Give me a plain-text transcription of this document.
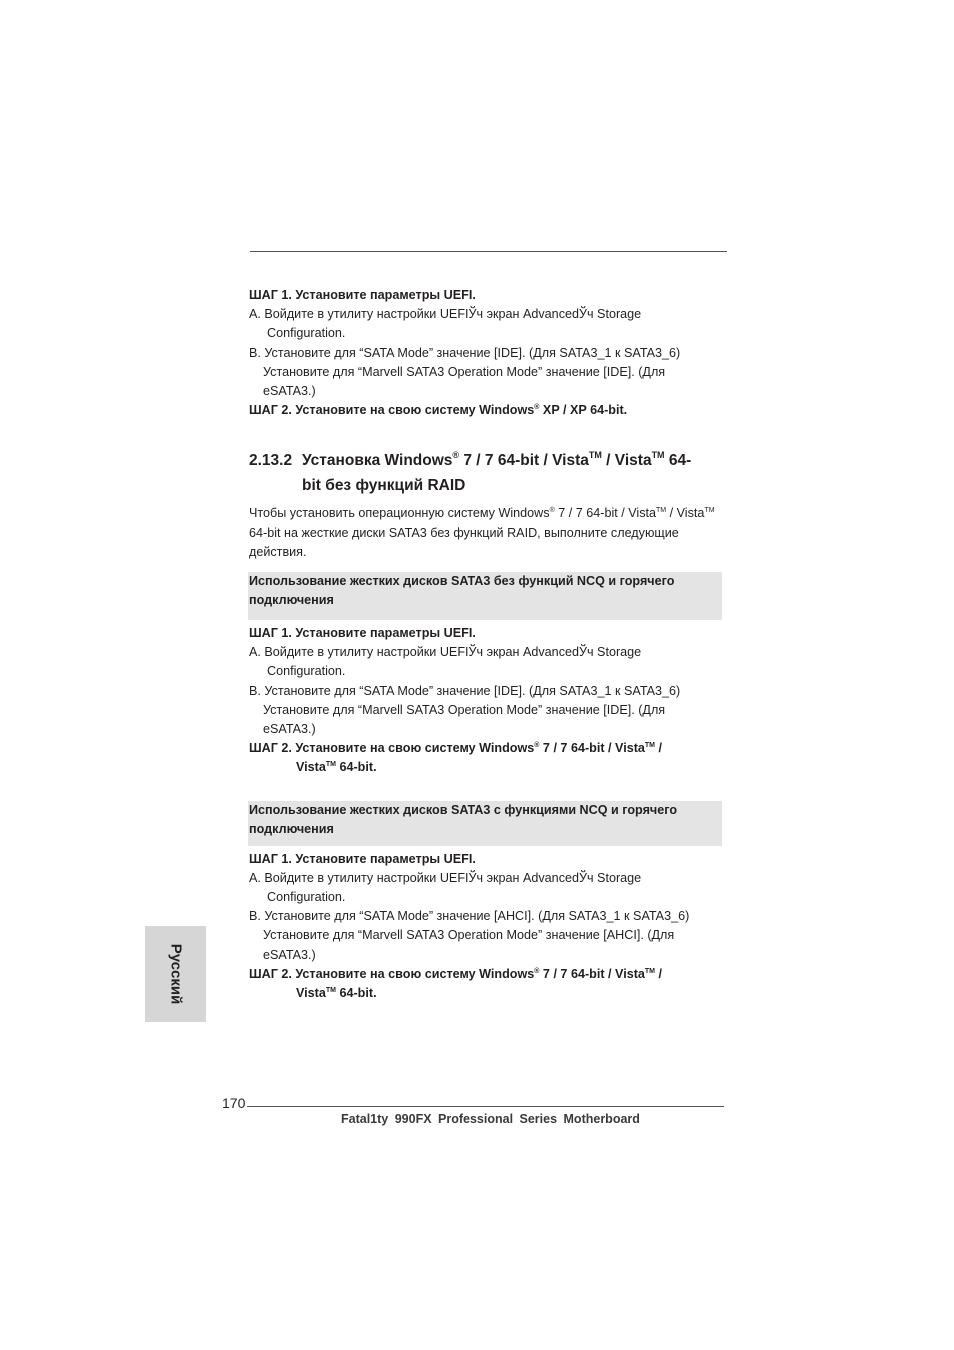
ШАГ 1. Установите параметры UEFI.

A. Войдите в утилиту настройки UEFIЎч экран AdvancedЎч Storage

Configuration.

B. Установите для “SATA Mode” значение [IDE]. (Для SATA3_1 к SATA3_6)

Установите для “Marvell SATA3 Operation Mode” значение [IDE]. (Для

eSATA3.)

ШАГ 2. Установите на свою систему Windows® XP / XP 64-bit.

2.13.2 Установка Windows® 7 / 7 64-bit / Vista™ / Vista™ 64-
bit без функций RAID

Чтобы установить операционную систему Windows® 7 / 7 64-bit / Vista™ / Vista™

64-bit на жесткие диски SATA3 без функций RAID, выполните следующие

действия.

Использование жестких дисков SATA3 без функций NCQ и горячего

подключения

ШАГ 1. Установите параметры UEFI.

A. Войдите в утилиту настройки UEFIЎч экран AdvancedЎч Storage

Configuration.

B. Установите для “SATA Mode” значение [IDE]. (Для SATA3_1 к SATA3_6)

Установите для “Marvell SATA3 Operation Mode” значение [IDE]. (Для

eSATA3.)

ШАГ 2. Установите на свою систему Windows® 7 / 7 64-bit / Vista™ /

Vista™ 64-bit.

Использование жестких дисков SATA3 с функциями NCQ и горячего

подключения

ШАГ 1. Установите параметры UEFI.

A. Войдите в утилиту настройки UEFIЎч экран AdvancedЎч Storage

Configuration.

B. Установите для “SATA Mode” значение [AHCI]. (Для SATA3_1 к SATA3_6)

Установите для “Marvell SATA3 Operation Mode” значение [AHCI]. (Для

eSATA3.)

ШАГ 2. Установите на свою систему Windows® 7 / 7 64-bit / Vista™ /

Vista™ 64-bit.

Русский
170
Fatal1ty 990FX Professional Series Motherboard
